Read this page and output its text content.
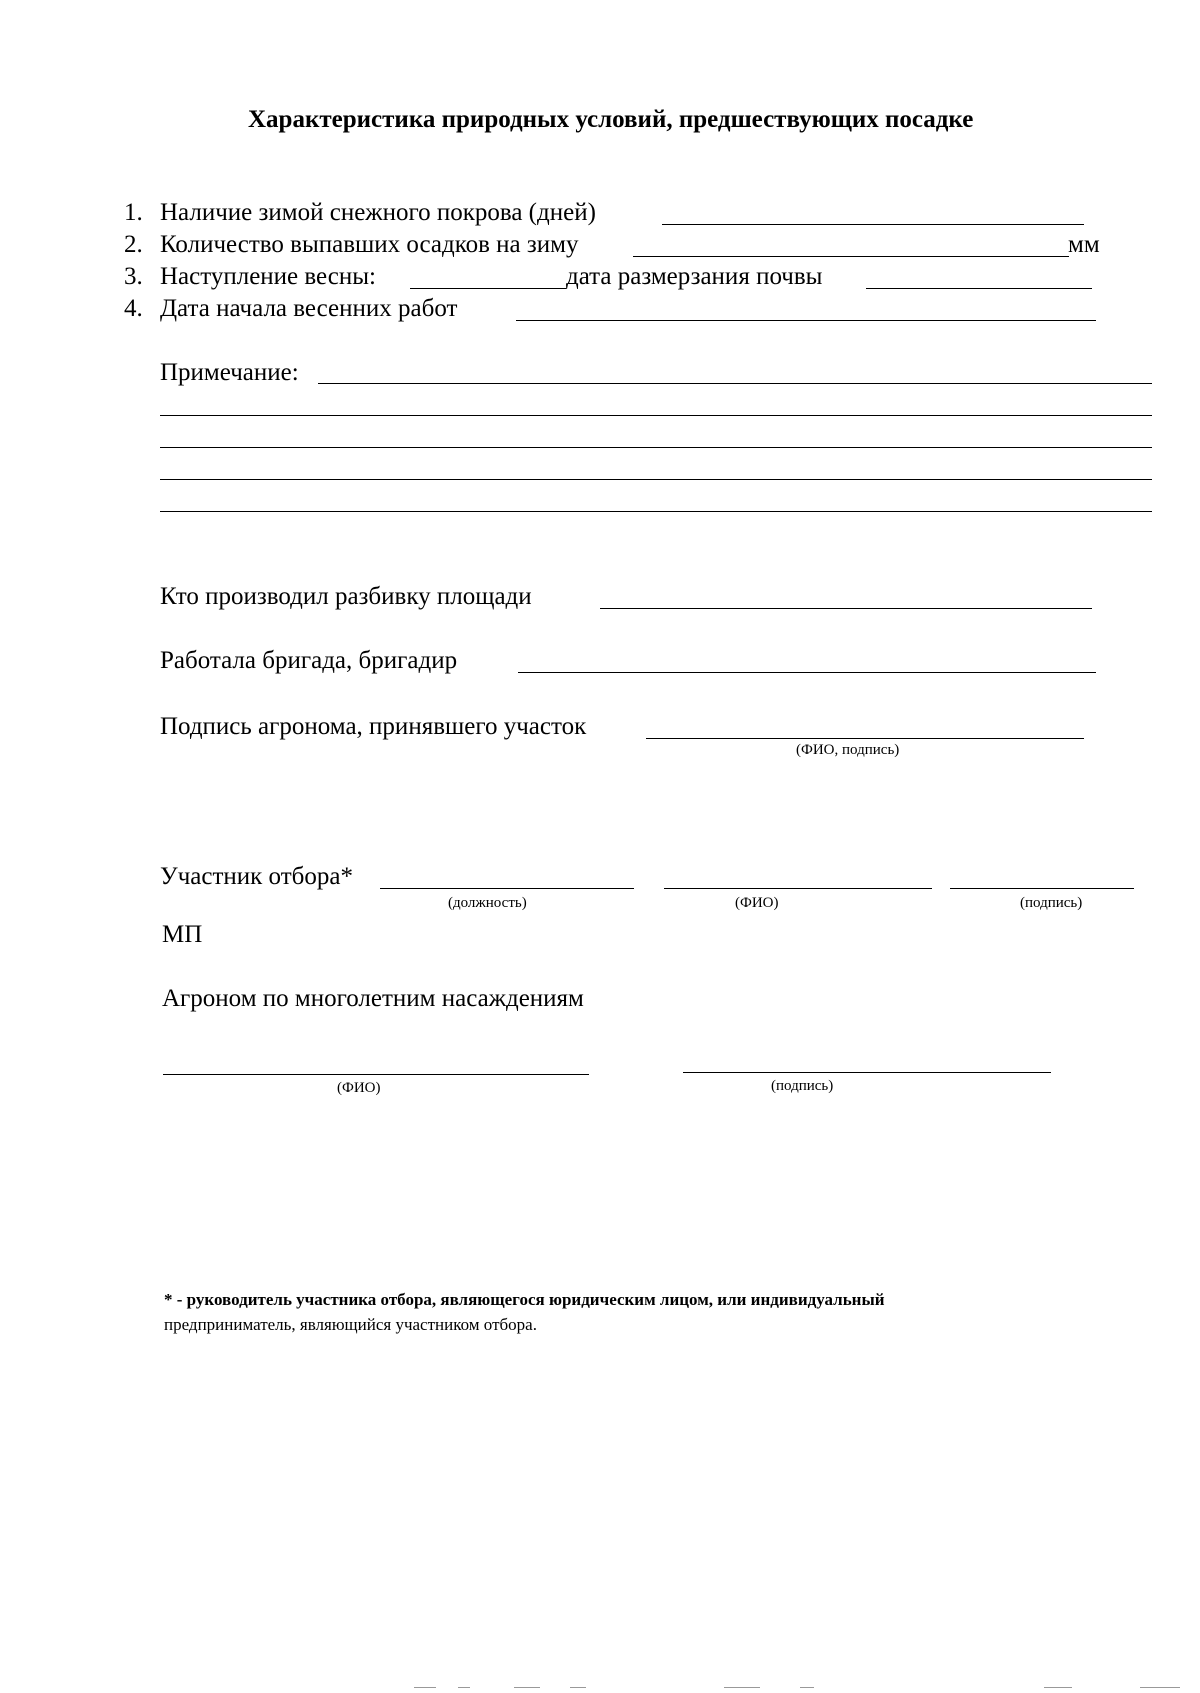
Характеристика природных условий, предшествующих посадке
1. Наличие зимой снежного покрова (дней)
2. Количество выпавших осадков на зиму	мм
3. Наступление весны:	дата размерзания почвы
4. Дата начала весенних работ
Примечание:
Кто производил разбивку площади
Работала бригада, бригадир
Подпись агронома, принявшего участок
(ФИО, подпись)
Участник отбора*
(должность)	(ФИО)	(подпись)
МП
Агроном по многолетним насаждениям
(ФИО)	(подпись)
* - руководитель участника отбора, являющегося юридическим лицом, или индивидуальный
предприниматель, являющийся участником отбора.
